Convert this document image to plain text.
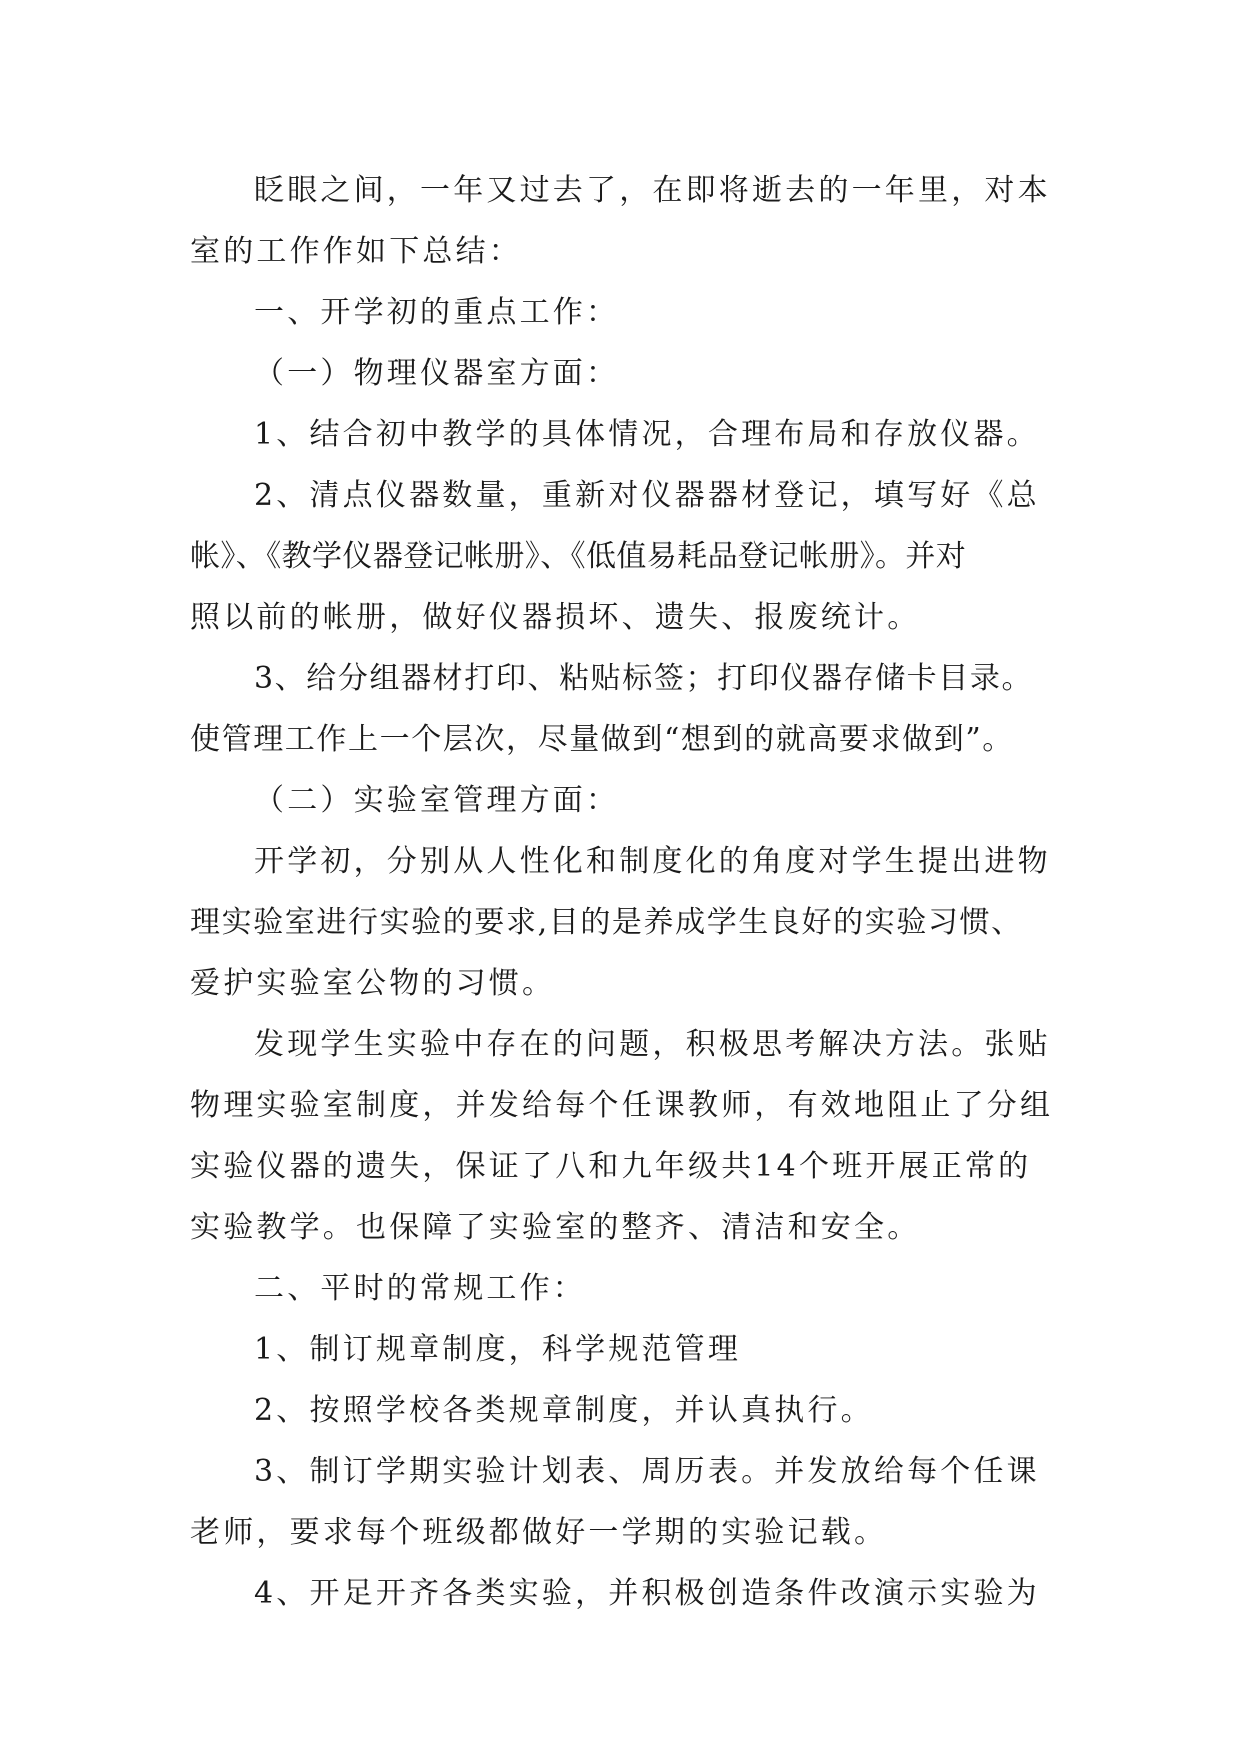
眨眼之间，一年又过去了，在即将逝去的一年里，对本
室的工作作如下总结：
一、开学初的重点工作：
（一）物理仪器室方面：
1、结合初中教学的具体情况，合理布局和存放仪器。
2、清点仪器数量，重新对仪器器材登记，填写好《总
帐》、《教学仪器登记帐册》、《低值易耗品登记帐册》。并对
照以前的帐册，做好仪器损坏、遗失、报废统计。
3、给分组器材打印、粘贴标签；打印仪器存储卡目录。
使管理工作上一个层次，尽量做到“想到的就高要求做到”。
（二）实验室管理方面：
开学初，分别从人性化和制度化的角度对学生提出进物
理实验室进行实验的要求,目的是养成学生良好的实验习惯、
爱护实验室公物的习惯。
发现学生实验中存在的问题，积极思考解决方法。张贴
物理实验室制度，并发给每个任课教师，有效地阻止了分组
实验仪器的遗失，保证了八和九年级共14个班开展正常的
实验教学。也保障了实验室的整齐、清洁和安全。
二、平时的常规工作：
1、制订规章制度，科学规范管理
2、按照学校各类规章制度，并认真执行。
3、制订学期实验计划表、周历表。并发放给每个任课
老师，要求每个班级都做好一学期的实验记载。
4、开足开齐各类实验，并积极创造条件改演示实验为
